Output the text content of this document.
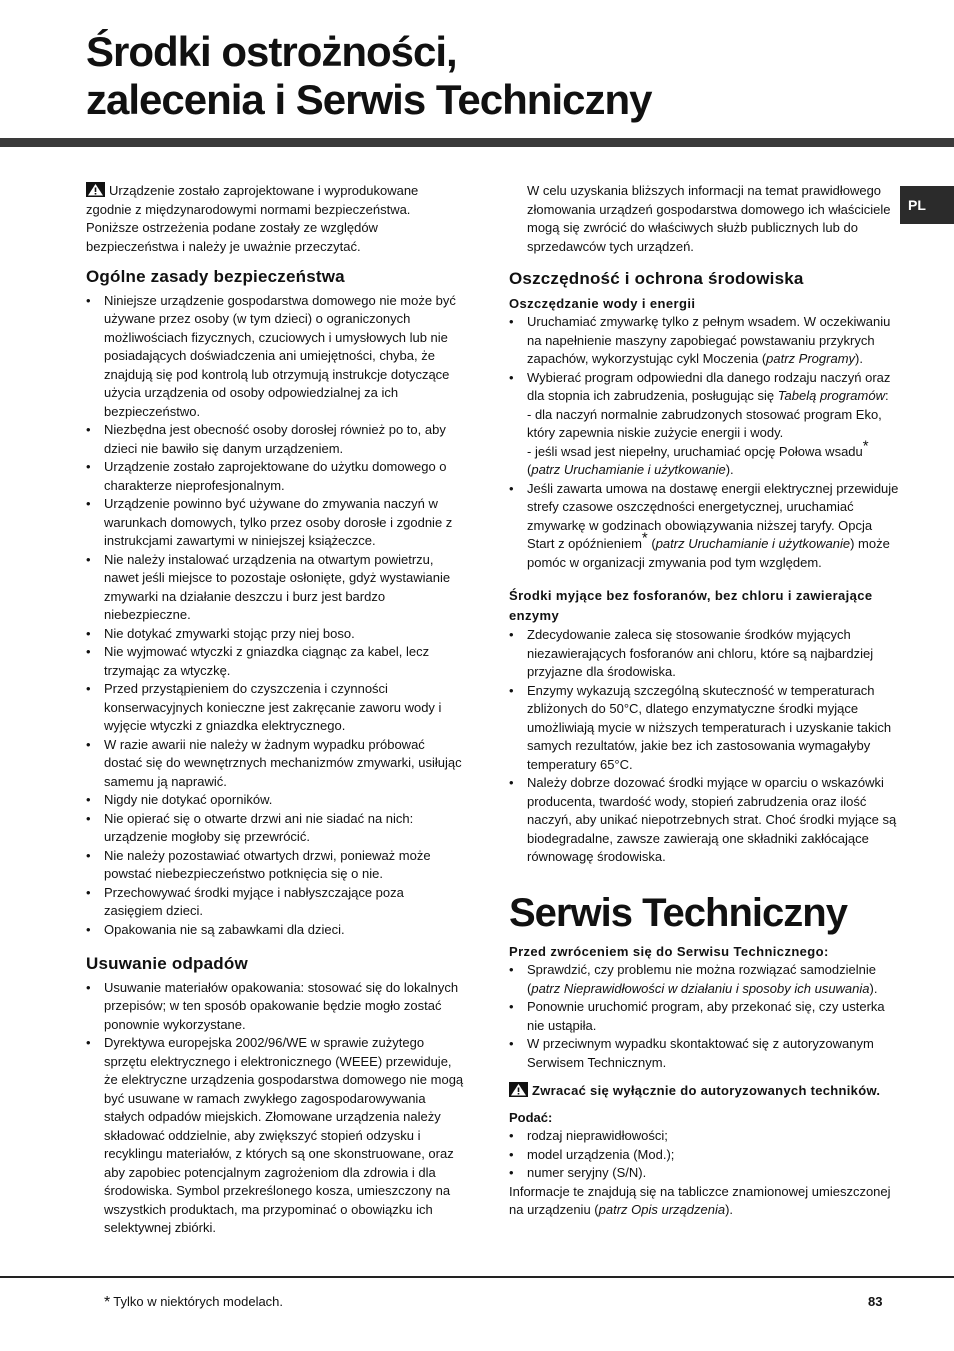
Środki ostrożności,
zalecenia i Serwis Techniczny
PL

Urządzenie zostało zaprojektowane i wyprodukowane zgodnie z międzynarodowymi normami bezpieczeństwa. Poniższe ostrzeżenia podane zostały ze względów bezpieczeństwa i należy je uważnie przeczytać.

Ogólne zasady bezpieczeństwa
• Niniejsze urządzenie gospodarstwa domowego nie może być używane przez osoby (w tym dzieci) o ograniczonych możliwościach fizycznych, czuciowych i umysłowych lub nie posiadających doświadczenia ani umiejętności, chyba, że znajdują się pod kontrolą lub otrzymują instrukcje dotyczące użycia urządzenia od osoby odpowiedzialnej za ich bezpieczeństwo.
• Niezbędna jest obecność osoby dorosłej również po to, aby dzieci nie bawiło się danym urządzeniem.
• Urządzenie zostało zaprojektowane do użytku domowego o charakterze nieprofesjonalnym.
• Urządzenie powinno być używane do zmywania naczyń w warunkach domowych, tylko przez osoby dorosłe i zgodnie z instrukcjami zawartymi w niniejszej książeczce.
• Nie należy instalować urządzenia na otwartym powietrzu, nawet jeśli miejsce to pozostaje osłonięte, gdyż wystawianie zmywarki na działanie deszczu i burz jest bardzo niebezpieczne.
• Nie dotykać zmywarki stojąc przy niej boso.
• Nie wyjmować wtyczki z gniazdka ciągnąc za kabel, lecz trzymając za wtyczkę.
• Przed przystąpieniem do czyszczenia i czynności konserwacyjnych konieczne jest zakręcanie zaworu wody i wyjęcie wtyczki z gniazdka elektrycznego.
• W razie awarii nie należy w żadnym wypadku próbować dostać się do wewnętrznych mechanizmów zmywarki, usiłując samemu ją naprawić.
• Nigdy nie dotykać oporników.
• Nie opierać się o otwarte drzwi ani nie siadać na nich: urządzenie mogłoby się przewrócić.
• Nie należy pozostawiać otwartych drzwi, ponieważ może powstać niebezpieczeństwo potknięcia się o nie.
• Przechowywać środki myjące i nabłyszczające poza zasięgiem dzieci.
• Opakowania nie są zabawkami dla dzieci.
Usuwanie odpadów
• Usuwanie materiałów opakowania: stosować się do lokalnych przepisów; w ten sposób opakowanie będzie mogło zostać ponownie wykorzystane.
• Dyrektywa europejska 2002/96/WE w sprawie zużytego sprzętu elektrycznego i elektronicznego (WEEE) przewiduje, że elektryczne urządzenia gospodarstwa domowego nie mogą być usuwane w ramach zwykłego zagospodarowywania stałych odpadów miejskich. Złomowane urządzenia należy składować oddzielnie, aby zwiększyć stopień odzysku i recyklingu materiałów, z których są one skonstruowane, oraz aby zapobiec potencjalnym zagrożeniom dla zdrowia i dla środowiska. Symbol przekreślonego kosza, umieszczony na wszystkich produktach, ma przypominać o obowiązku ich selektywnej zbiórki.

W celu uzyskania bliższych informacji na temat prawidłowego złomowania urządzeń gospodarstwa domowego ich właściciele mogą się zwrócić do właściwych służb publicznych lub do sprzedawców tych urządzeń.

Oszczędność i ochrona środowiska
Oszczędzanie wody i energii
• Uruchamiać zmywarkę tylko z pełnym wsadem. W oczekiwaniu na napełnienie maszyny zapobiegać powstawaniu przykrych zapachów, wykorzystując cykl Moczenia (patrz Programy).
• Wybierać program odpowiedni dla danego rodzaju naczyń oraz dla stopnia ich zabrudzenia, posługując się Tabelą programów:
- dla naczyń normalnie zabrudzonych stosować program Eko, który zapewnia niskie zużycie energii i wody.
- jeśli wsad jest niepełny, uruchamiać opcję Połowa wsadu*
(patrz Uruchamianie i użytkowanie).
• Jeśli zawarta umowa na dostawę energii elektrycznej przewiduje strefy czasowe oszczędności energetycznej, uruchamiać zmywarkę w godzinach obowiązywania niższej taryfy. Opcja Start z opóźnieniem* (patrz Uruchamianie i użytkowanie) może pomóc w organizacji zmywania pod tym względem.
Środki myjące bez fosforanów, bez chloru i zawierające enzymy
• Zdecydowanie zaleca się stosowanie środków myjących niezawierających fosforanów ani chloru, które są najbardziej przyjazne dla środowiska.
• Enzymy wykazują szczególną skuteczność w temperaturach zbliżonych do 50°C, dlatego enzymatyczne środki myjące umożliwiają mycie w niższych temperaturach i uzyskanie takich samych rezultatów, jakie bez ich zastosowania wymagałyby temperatury 65°C.
• Należy dobrze dozować środki myjące w oparciu o wskazówki producenta, twardość wody, stopień zabrudzenia oraz ilość naczyń, aby unikać niepotrzebnych strat. Choć środki myjące są biodegradalne, zawsze zawierają one składniki zakłócające równowagę środowiska.
Serwis Techniczny
Przed zwróceniem się do Serwisu Technicznego:
• Sprawdzić, czy problemu nie można rozwiązać samodzielnie (patrz Nieprawidłowości w działaniu i sposoby ich usuwania).
• Ponownie uruchomić program, aby przekonać się, czy usterka nie ustąpiła.
• W przeciwnym wypadku skontaktować się z autoryzowanym Serwisem Technicznym.

Zwracać się wyłącznie do autoryzowanych techników.

Podać:

• rodzaj nieprawidłowości;
• model urządzenia (Mod.);
• numer seryjny (S/N).

Informacje te znajdują się na tabliczce znamionowej umieszczonej na urządzeniu (patrz Opis urządzenia).

* Tylko w niektórych modelach.	83
